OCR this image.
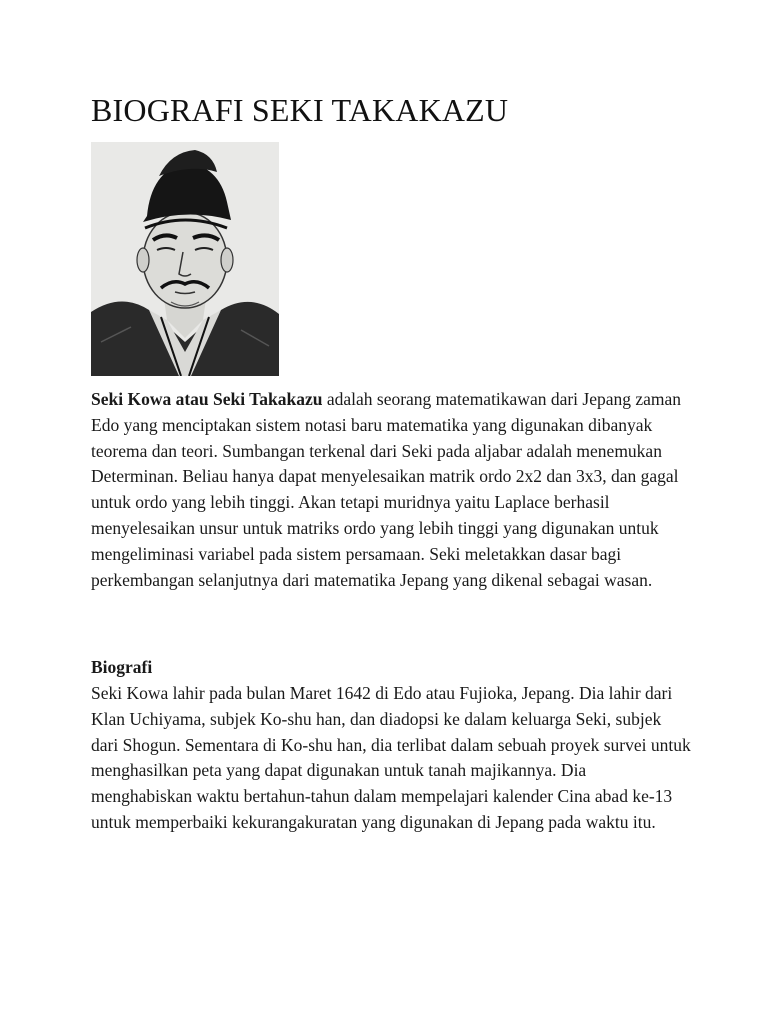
BIOGRAFI SEKI TAKAKAZU
Seki Kowa atau Seki Takakazu adalah seorang matematikawan dari Jepang zaman Edo yang menciptakan sistem notasi baru matematika yang digunakan dibanyak teorema dan teori. Sumbangan terkenal dari Seki pada aljabar adalah menemukan Determinan. Beliau hanya dapat menyelesaikan matrik ordo 2x2 dan 3x3, dan gagal untuk ordo yang lebih tinggi. Akan tetapi muridnya yaitu Laplace berhasil menyelesaikan unsur untuk matriks ordo yang lebih tinggi yang digunakan untuk mengeliminasi variabel pada sistem persamaan. Seki meletakkan dasar bagi perkembangan selanjutnya dari matematika Jepang yang dikenal sebagai wasan.
Biografi
Seki Kowa lahir pada bulan Maret 1642 di Edo atau Fujioka, Jepang. Dia lahir dari Klan Uchiyama, subjek Ko-shu han, dan diadopsi ke dalam keluarga Seki, subjek dari Shogun. Sementara di Ko-shu han, dia terlibat dalam sebuah proyek survei untuk menghasilkan peta yang dapat digunakan untuk tanah majikannya. Dia menghabiskan waktu bertahun-tahun dalam mempelajari kalender Cina abad ke-13 untuk memperbaiki kekurangakuratan yang digunakan di Jepang pada waktu itu.
